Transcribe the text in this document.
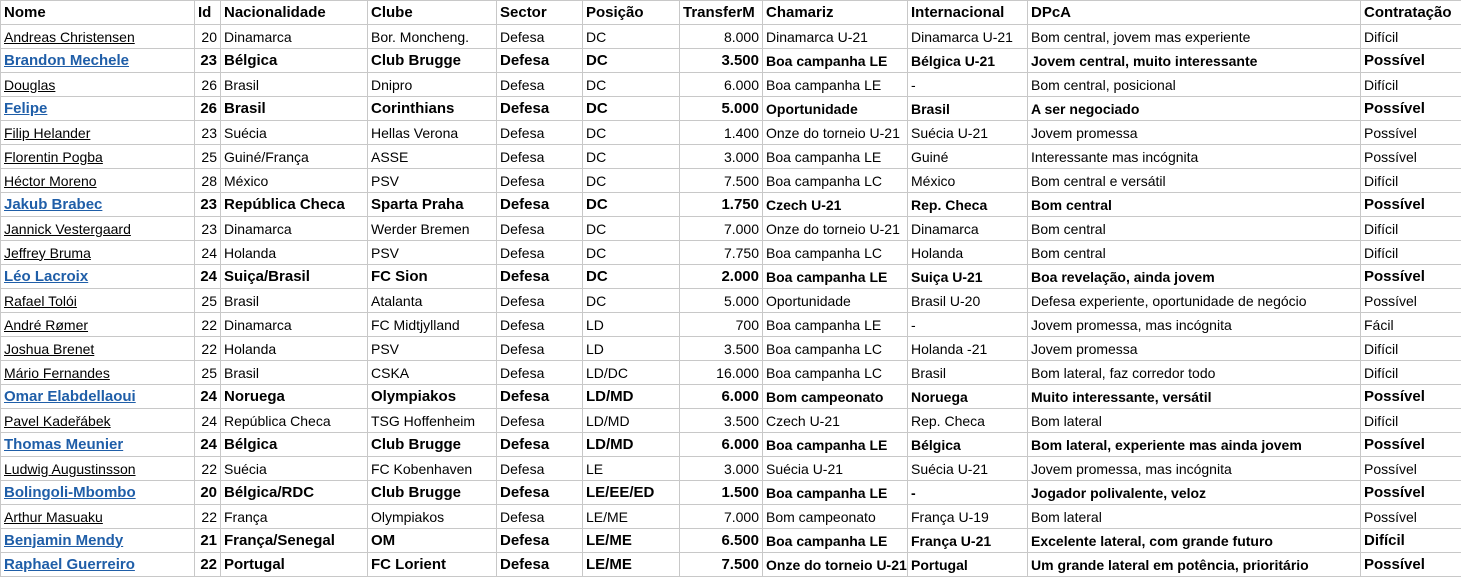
Nome	Id	Nacionalidade	Clube	Sector	Posição	TransferM	Chamariz	Internacional	DPcA	Contratação
Andreas Christensen	20	Dinamarca	Bor. Moncheng.	Defesa	DC	8.000	Dinamarca U-21	Dinamarca U-21	Bom central, jovem mas experiente	Difícil
Brandon Mechele	23	Bélgica	Club Brugge	Defesa	DC	3.500	Boa campanha LE	Bélgica U-21	Jovem central, muito interessante	Possível
Douglas	26	Brasil	Dnipro	Defesa	DC	6.000	Boa campanha LE	-	Bom central, posicional	Difícil
Felipe	26	Brasil	Corinthians	Defesa	DC	5.000	Oportunidade	Brasil	A ser negociado	Possível
Filip Helander	23	Suécia	Hellas Verona	Defesa	DC	1.400	Onze do torneio U-21	Suécia U-21	Jovem promessa	Possível
Florentin Pogba	25	Guiné/França	ASSE	Defesa	DC	3.000	Boa campanha LE	Guiné	Interessante mas incógnita	Possível
Héctor Moreno	28	México	PSV	Defesa	DC	7.500	Boa campanha LC	México	Bom central e versátil	Difícil
Jakub Brabec	23	República Checa	Sparta Praha	Defesa	DC	1.750	Czech U-21	Rep. Checa	Bom central	Possível
Jannick Vestergaard	23	Dinamarca	Werder Bremen	Defesa	DC	7.000	Onze do torneio U-21	Dinamarca	Bom central	Difícil
Jeffrey Bruma	24	Holanda	PSV	Defesa	DC	7.750	Boa campanha LC	Holanda	Bom central	Difícil
Léo Lacroix	24	Suiça/Brasil	FC Sion	Defesa	DC	2.000	Boa campanha LE	Suiça U-21	Boa revelação, ainda jovem	Possível
Rafael Tolói	25	Brasil	Atalanta	Defesa	DC	5.000	Oportunidade	Brasil U-20	Defesa experiente, oportunidade de negócio	Possível
André Rømer	22	Dinamarca	FC Midtjylland	Defesa	LD	700	Boa campanha LE	-	Jovem promessa, mas incógnita	Fácil
Joshua Brenet	22	Holanda	PSV	Defesa	LD	3.500	Boa campanha LC	Holanda -21	Jovem promessa	Difícil
Mário Fernandes	25	Brasil	CSKA	Defesa	LD/DC	16.000	Boa campanha LC	Brasil	Bom lateral, faz corredor todo	Difícil
Omar Elabdellaoui	24	Noruega	Olympiakos	Defesa	LD/MD	6.000	Bom campeonato	Noruega	Muito interessante, versátil	Possível
Pavel Kadeřábek	24	República Checa	TSG Hoffenheim	Defesa	LD/MD	3.500	Czech U-21	Rep. Checa	Bom lateral	Difícil
Thomas Meunier	24	Bélgica	Club Brugge	Defesa	LD/MD	6.000	Boa campanha LE	Bélgica	Bom lateral, experiente mas ainda jovem	Possível
Ludwig Augustinsson	22	Suécia	FC Kobenhaven	Defesa	LE	3.000	Suécia U-21	Suécia U-21	Jovem promessa, mas incógnita	Possível
Bolingoli-Mbombo	20	Bélgica/RDC	Club Brugge	Defesa	LE/EE/ED	1.500	Boa campanha LE	-	Jogador polivalente, veloz	Possível
Arthur Masuaku	22	França	Olympiakos	Defesa	LE/ME	7.000	Bom campeonato	França U-19	Bom lateral	Possível
Benjamin Mendy	21	França/Senegal	OM	Defesa	LE/ME	6.500	Boa campanha LE	França U-21	Excelente lateral, com grande futuro	Difícil
Raphael Guerreiro	22	Portugal	FC Lorient	Defesa	LE/ME	7.500	Onze do torneio U-21	Portugal	Um grande lateral em potência, prioritário	Possível
